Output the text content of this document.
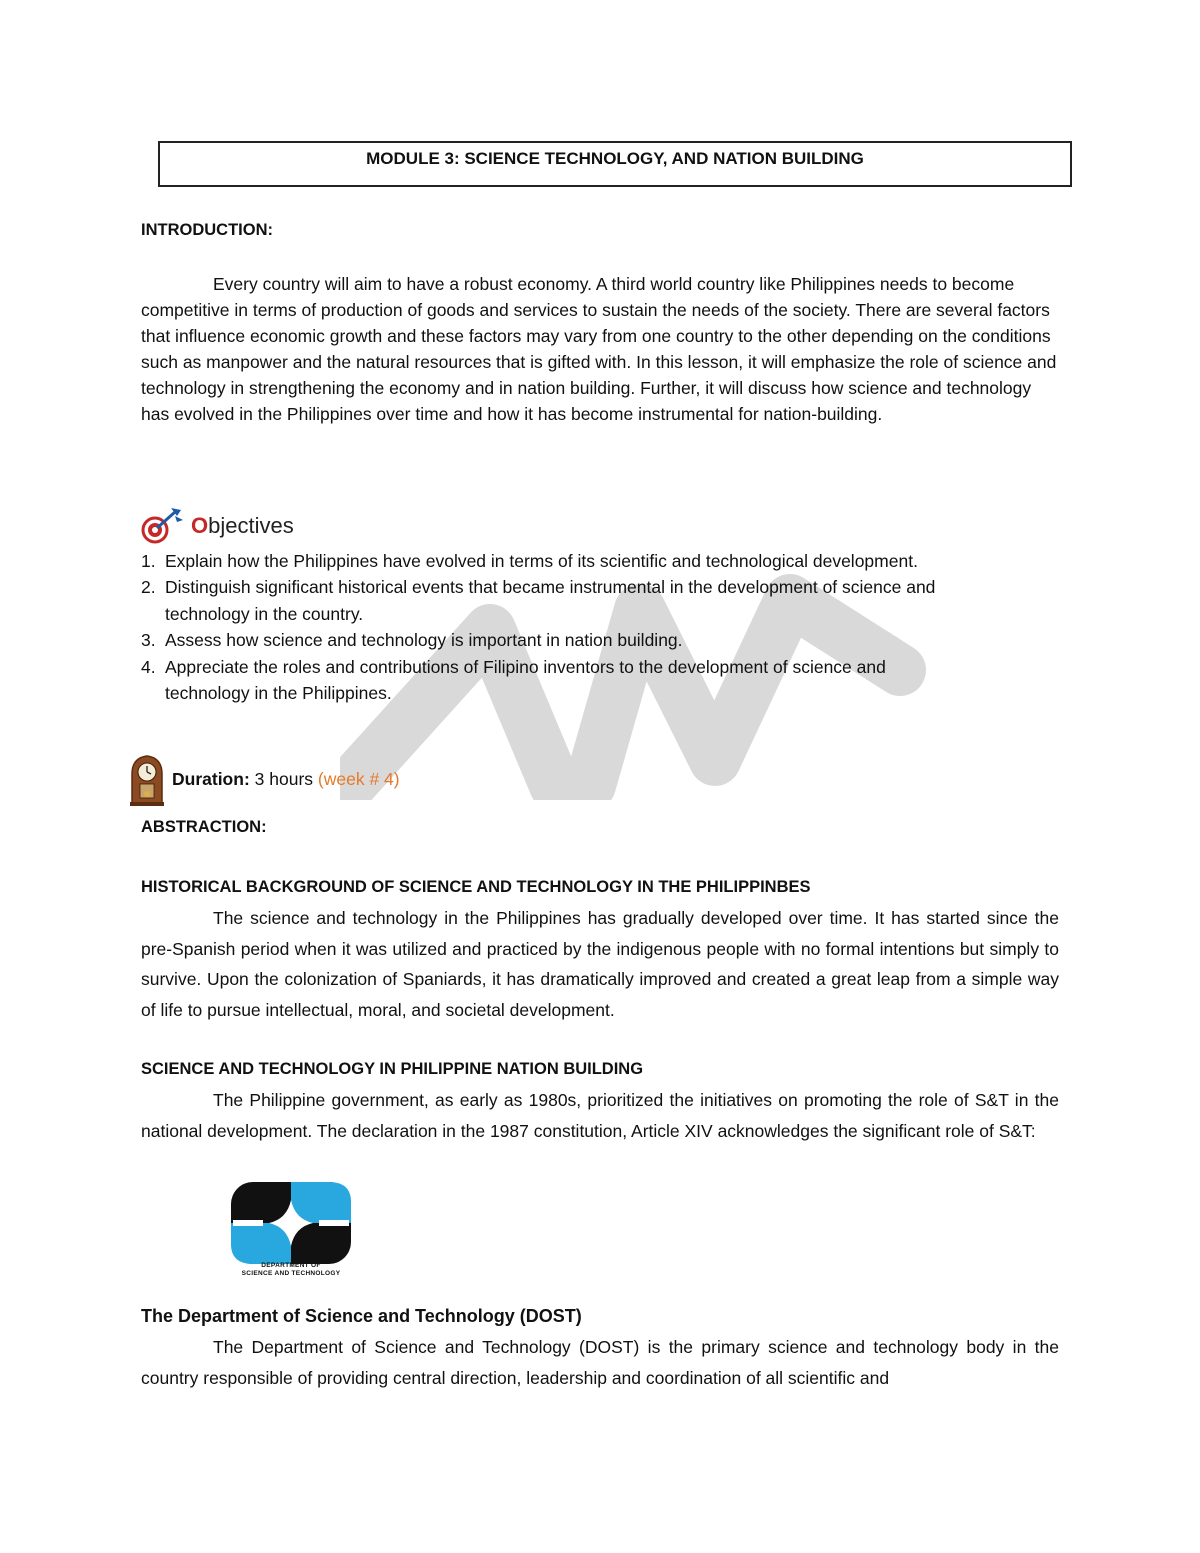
MODULE 3: SCIENCE TECHNOLOGY, AND NATION BUILDING
INTRODUCTION:

Every country will aim to have a robust economy. A third world country like Philippines needs to become competitive in terms of production of goods and services to sustain the needs of the society. There are several factors that influence economic growth and these factors may vary from one country to the other depending on the conditions such as manpower and the natural resources that is gifted with. In this lesson, it will emphasize the role of science and technology in strengthening the economy and in nation building. Further, it will discuss how science and technology has evolved in the Philippines over time and how it has become instrumental for nation-building.

Objectives
1. Explain how the Philippines have evolved in terms of its scientific and technological development.
2. Distinguish significant historical events that became instrumental in the development of science and technology in the country.
3. Assess how science and technology is important in nation building.
4. Appreciate the roles and contributions of Filipino inventors to the development of science and technology in the Philippines.
Duration: 3 hours (week # 4)
ABSTRACTION:
HISTORICAL BACKGROUND OF SCIENCE AND TECHNOLOGY IN THE PHILIPPINBES

The science and technology in the Philippines has gradually developed over time. It has started since the pre-Spanish period when it was utilized and practiced by the indigenous people with no formal intentions but simply to survive. Upon the colonization of Spaniards, it has dramatically improved and created a great leap from a simple way of life to pursue intellectual, moral, and societal development.

SCIENCE AND TECHNOLOGY IN PHILIPPINE NATION BUILDING

The Philippine government, as early as 1980s, prioritized the initiatives on promoting the role of S&T in the national development. The declaration in the 1987 constitution, Article XIV acknowledges the significant role of S&T:

DEPARTMENT OF
SCIENCE AND TECHNOLOGY
The Department of Science and Technology (DOST)

The Department of Science and Technology (DOST) is the primary science and technology body in the country responsible of providing central direction, leadership and coordination of all scientific and
